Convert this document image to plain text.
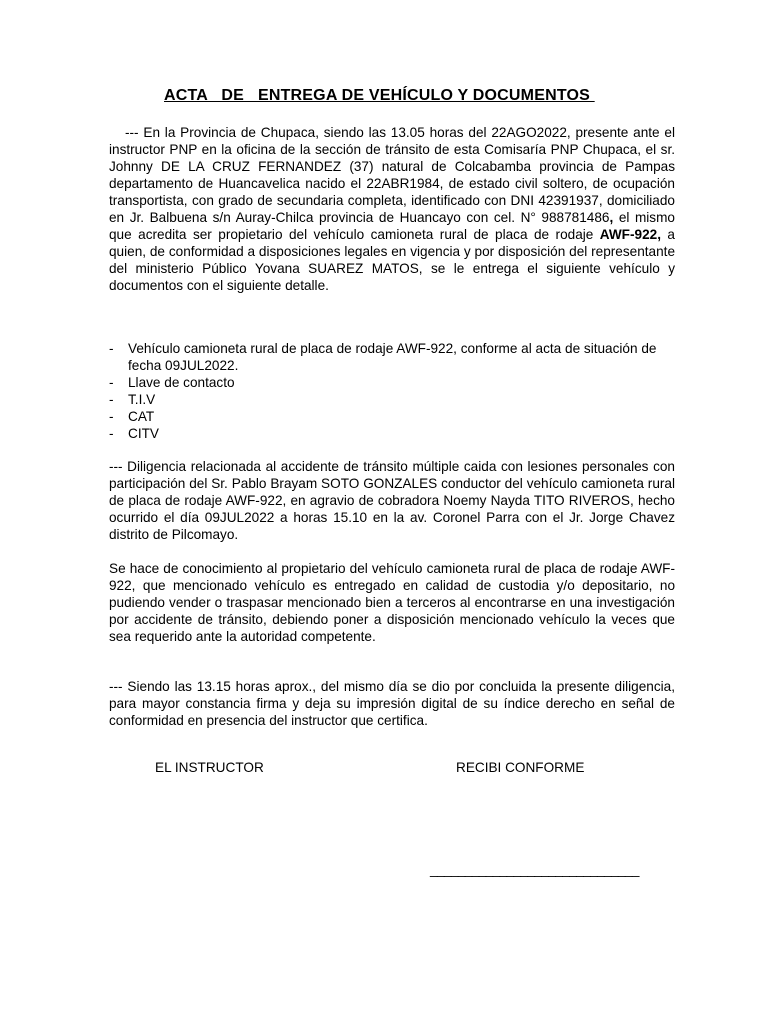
ACTA   DE   ENTREGA DE VEHÍCULO Y DOCUMENTOS

--- En la Provincia de Chupaca, siendo las 13.05 horas del 22AGO2022, presente ante el instructor PNP en la oficina de la sección de tránsito de esta Comisaría PNP Chupaca, el sr. Johnny DE LA CRUZ FERNANDEZ (37) natural de Colcabamba provincia de Pampas departamento de Huancavelica nacido el 22ABR1984, de estado civil soltero, de ocupación transportista, con grado de secundaria completa, identificado con DNI 42391937, domiciliado en Jr. Balbuena s/n Auray-Chilca provincia de Huancayo con cel. N° 988781486, el mismo que acredita ser propietario del vehículo camioneta rural de placa de rodaje AWF-922, a quien, de conformidad a disposiciones legales en vigencia y por disposición del representante del ministerio Público Yovana SUAREZ MATOS, se le entrega el siguiente vehículo y documentos con el siguiente detalle.

- Vehículo camioneta rural de placa de rodaje AWF-922, conforme al acta de situación de fecha 09JUL2022.
- Llave de contacto
- T.I.V
- CAT
- CITV

--- Diligencia relacionada al accidente de tránsito múltiple caida con lesiones personales con participación del Sr. Pablo Brayam SOTO GONZALES conductor del vehículo camioneta rural de placa de rodaje AWF-922, en agravio de cobradora Noemy Nayda TITO RIVEROS, hecho ocurrido el día 09JUL2022 a horas 15.10 en la av. Coronel Parra con el Jr. Jorge Chavez distrito de Pilcomayo.

Se hace de conocimiento al propietario del vehículo camioneta rural de placa de rodaje AWF-922, que mencionado vehículo es entregado en calidad de custodia y/o depositario, no pudiendo vender o traspasar mencionado bien a terceros al encontrarse en una investigación por accidente de tránsito, debiendo poner a disposición mencionado vehículo la veces que sea requerido ante la autoridad competente.

--- Siendo las 13.15 horas aprox., del mismo día se dio por concluida la presente diligencia, para mayor constancia firma y deja su impresión digital de su índice derecho en señal de conformidad en presencia del instructor que certifica.

EL INSTRUCTOR	RECIBI CONFORME
______________________________
